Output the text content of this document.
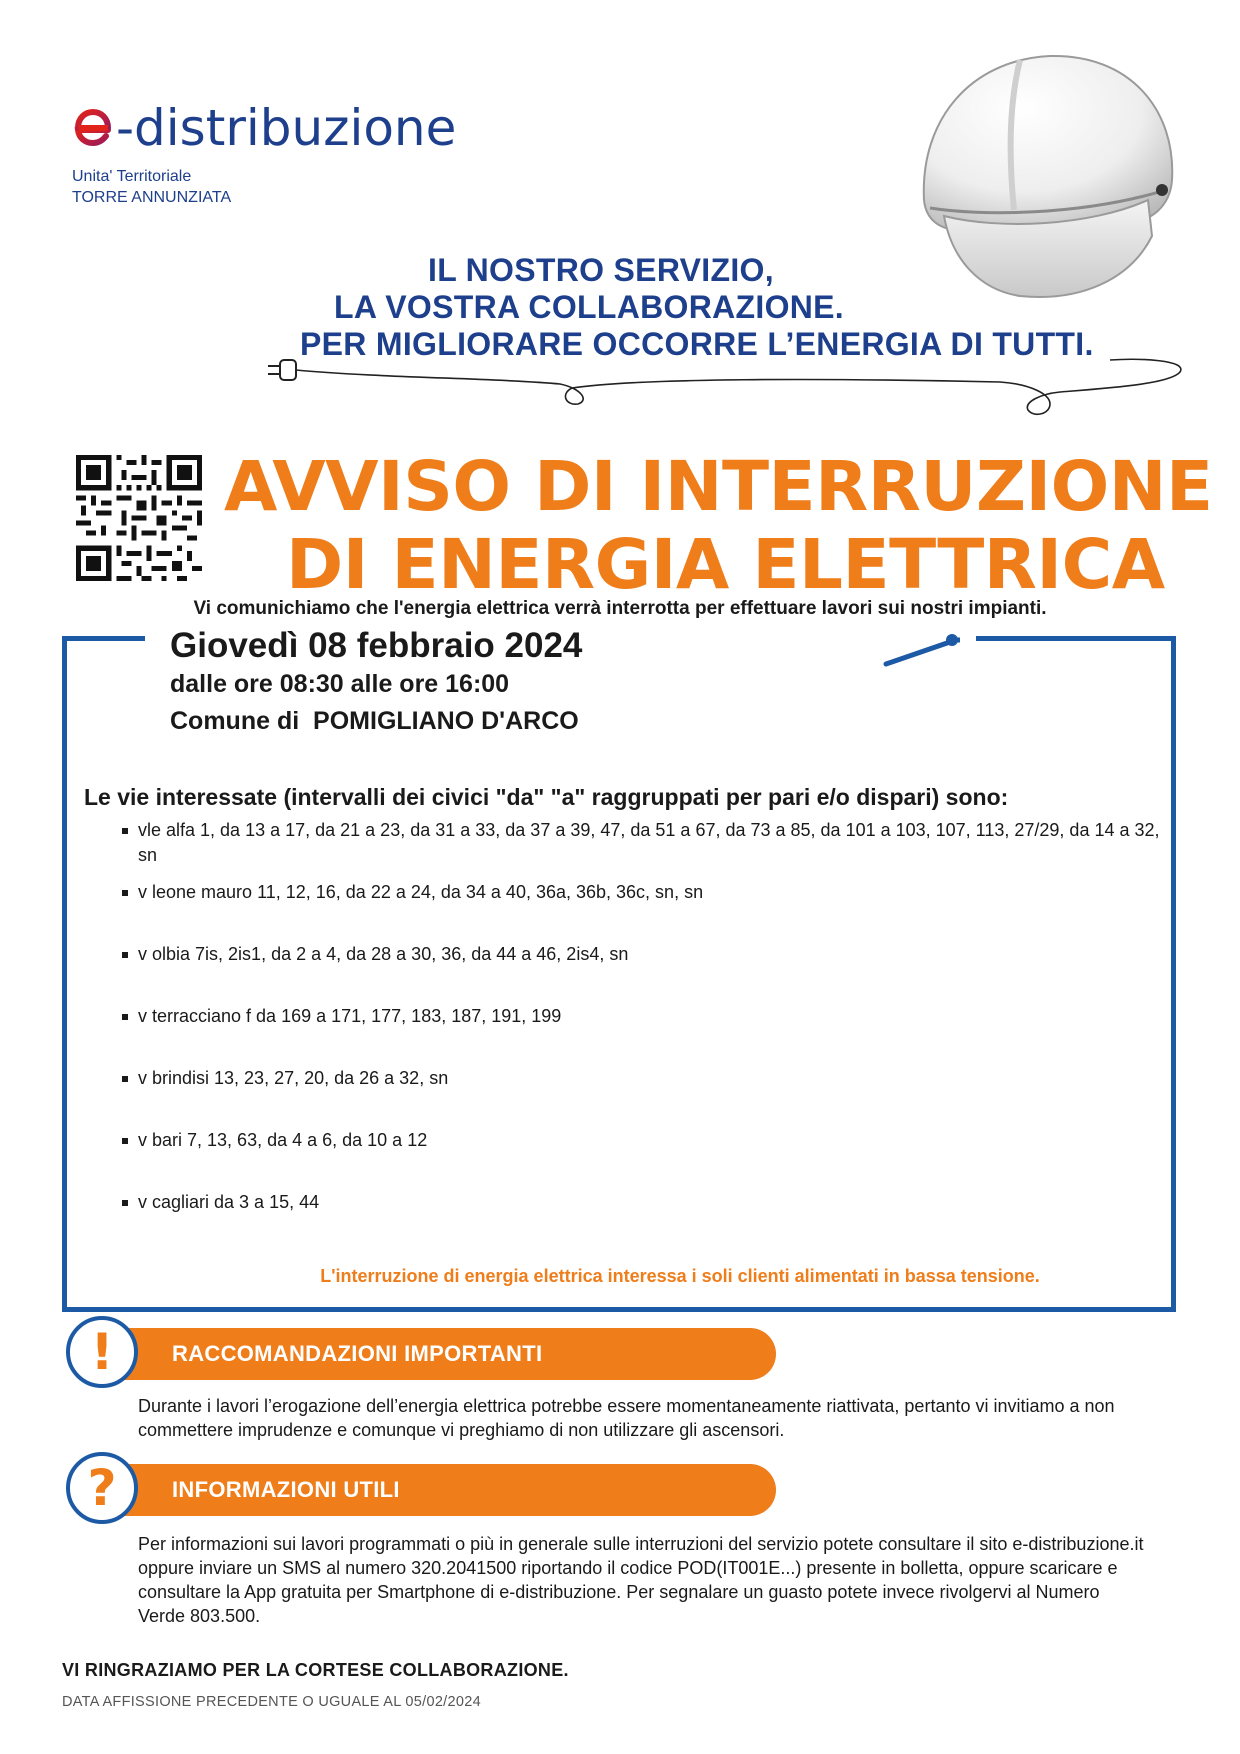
-distribuzione
Unita' Territoriale
TORRE ANNUNZIATA
IL NOSTRO SERVIZIO,
LA VOSTRA COLLABORAZIONE.
PER MIGLIORARE OCCORRE L’ENERGIA DI TUTTI.
AVVISO DI INTERRUZIONE
DI ENERGIA ELETTRICA
Vi comunichiamo che l'energia elettrica verrà interrotta per effettuare lavori sui nostri impianti.
Giovedì 08 febbraio 2024
dalle ore 08:30 alle ore 16:00
Comune di  POMIGLIANO D'ARCO
Le vie interessate (intervalli dei civici "da" "a" raggruppati per pari e/o dispari) sono:
vle alfa 1, da 13 a 17, da 21 a 23, da 31 a 33, da 37 a 39, 47, da 51 a 67, da 73 a 85, da 101 a 103, 107, 113, 27/29, da 14 a 32, sn
v leone mauro 11, 12, 16, da 22 a 24, da 34 a 40, 36a, 36b, 36c, sn, sn
v olbia 7is, 2is1, da 2 a 4, da 28 a 30, 36, da 44 a 46, 2is4, sn
v terracciano f da 169 a 171, 177, 183, 187, 191, 199
v brindisi 13, 23, 27, 20, da 26 a 32, sn
v bari 7, 13, 63, da 4 a 6, da 10 a 12
v cagliari da 3 a 15, 44
L'interruzione di energia elettrica interessa i soli clienti alimentati in bassa tensione.
RACCOMANDAZIONI IMPORTANTI
!
Durante i lavori l’erogazione dell’energia elettrica potrebbe essere momentaneamente riattivata, pertanto vi invitiamo a non commettere imprudenze e comunque vi preghiamo di non utilizzare gli ascensori.
INFORMAZIONI UTILI
?
Per informazioni sui lavori programmati o più in generale sulle interruzioni del servizio potete consultare il sito e-distribuzione.it oppure inviare un SMS al numero 320.2041500 riportando il codice POD(IT001E...) presente in bolletta, oppure scaricare e consultare la App gratuita per Smartphone di e-distribuzione. Per segnalare un guasto potete invece rivolgervi al Numero Verde 803.500.
VI RINGRAZIAMO PER LA CORTESE COLLABORAZIONE.
DATA AFFISSIONE PRECEDENTE O UGUALE AL 05/02/2024
